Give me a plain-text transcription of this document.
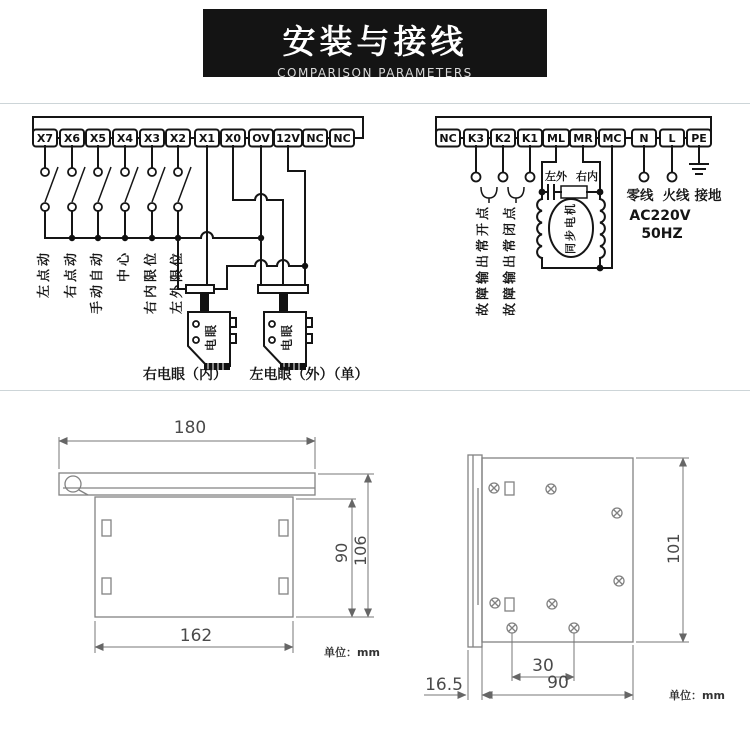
安装与接线
COMPARISON PARAMETERS
X7 X6 X5 X4 X3 X2 X1 X0 OV 12V NC NC
右电眼（内） 左电眼（外）（单）
NC K3 K2 K1 ML MR MC N L PE
左外 右内
零线 火线 接地
AC220V
50HZ
180
162
单位：mm
30
90
16.5
单位：mm
左点动 右点动 手动自动 中心 右内限位 左外限位
电眼	电眼
故障输出常开点 故障输出常闭点	同步电机
90 106	101
